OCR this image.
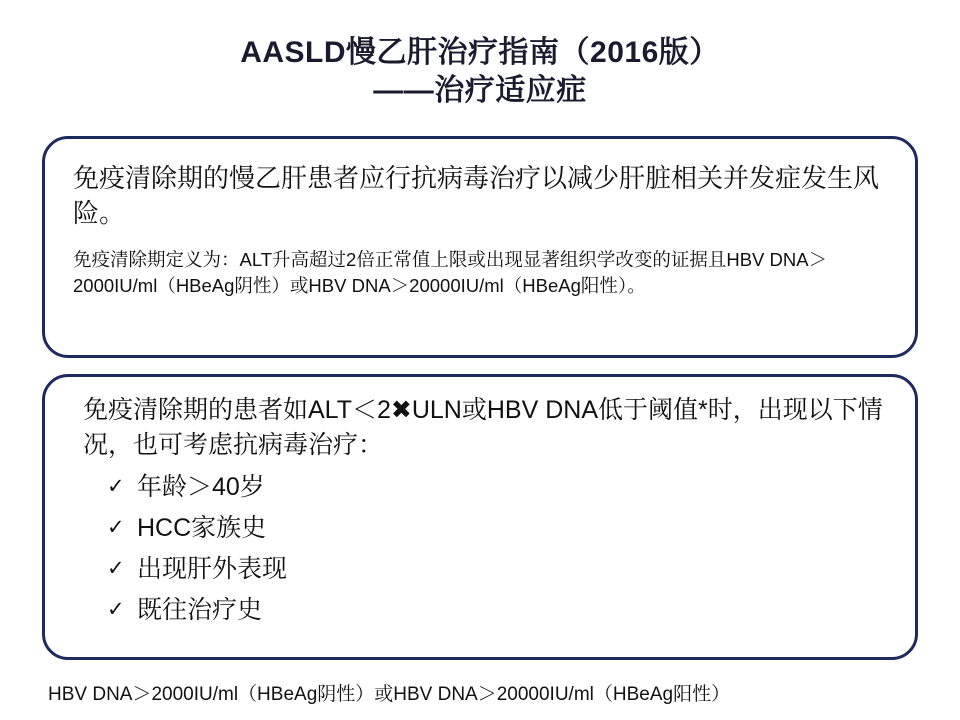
AASLD慢乙肝治疗指南（2016版）
——治疗适应症
免疫清除期的慢乙肝患者应行抗病毒治疗以减少肝脏相关并发症发生风险。
免疫清除期定义为：ALT升高超过2倍正常值上限或出现显著组织学改变的证据且HBV DNA＞2000IU/ml（HBeAg阴性）或HBV DNA＞20000IU/ml（HBeAg阳性）。
免疫清除期的患者如ALT＜2✖ULN或HBV DNA低于阈值*时，出现以下情况，也可考虑抗病毒治疗：
✓ 年龄＞40岁
✓ HCC家族史
✓ 出现肝外表现
✓ 既往治疗史
HBV DNA＞2000IU/ml（HBeAg阴性）或HBV DNA＞20000IU/ml（HBeAg阳性）
